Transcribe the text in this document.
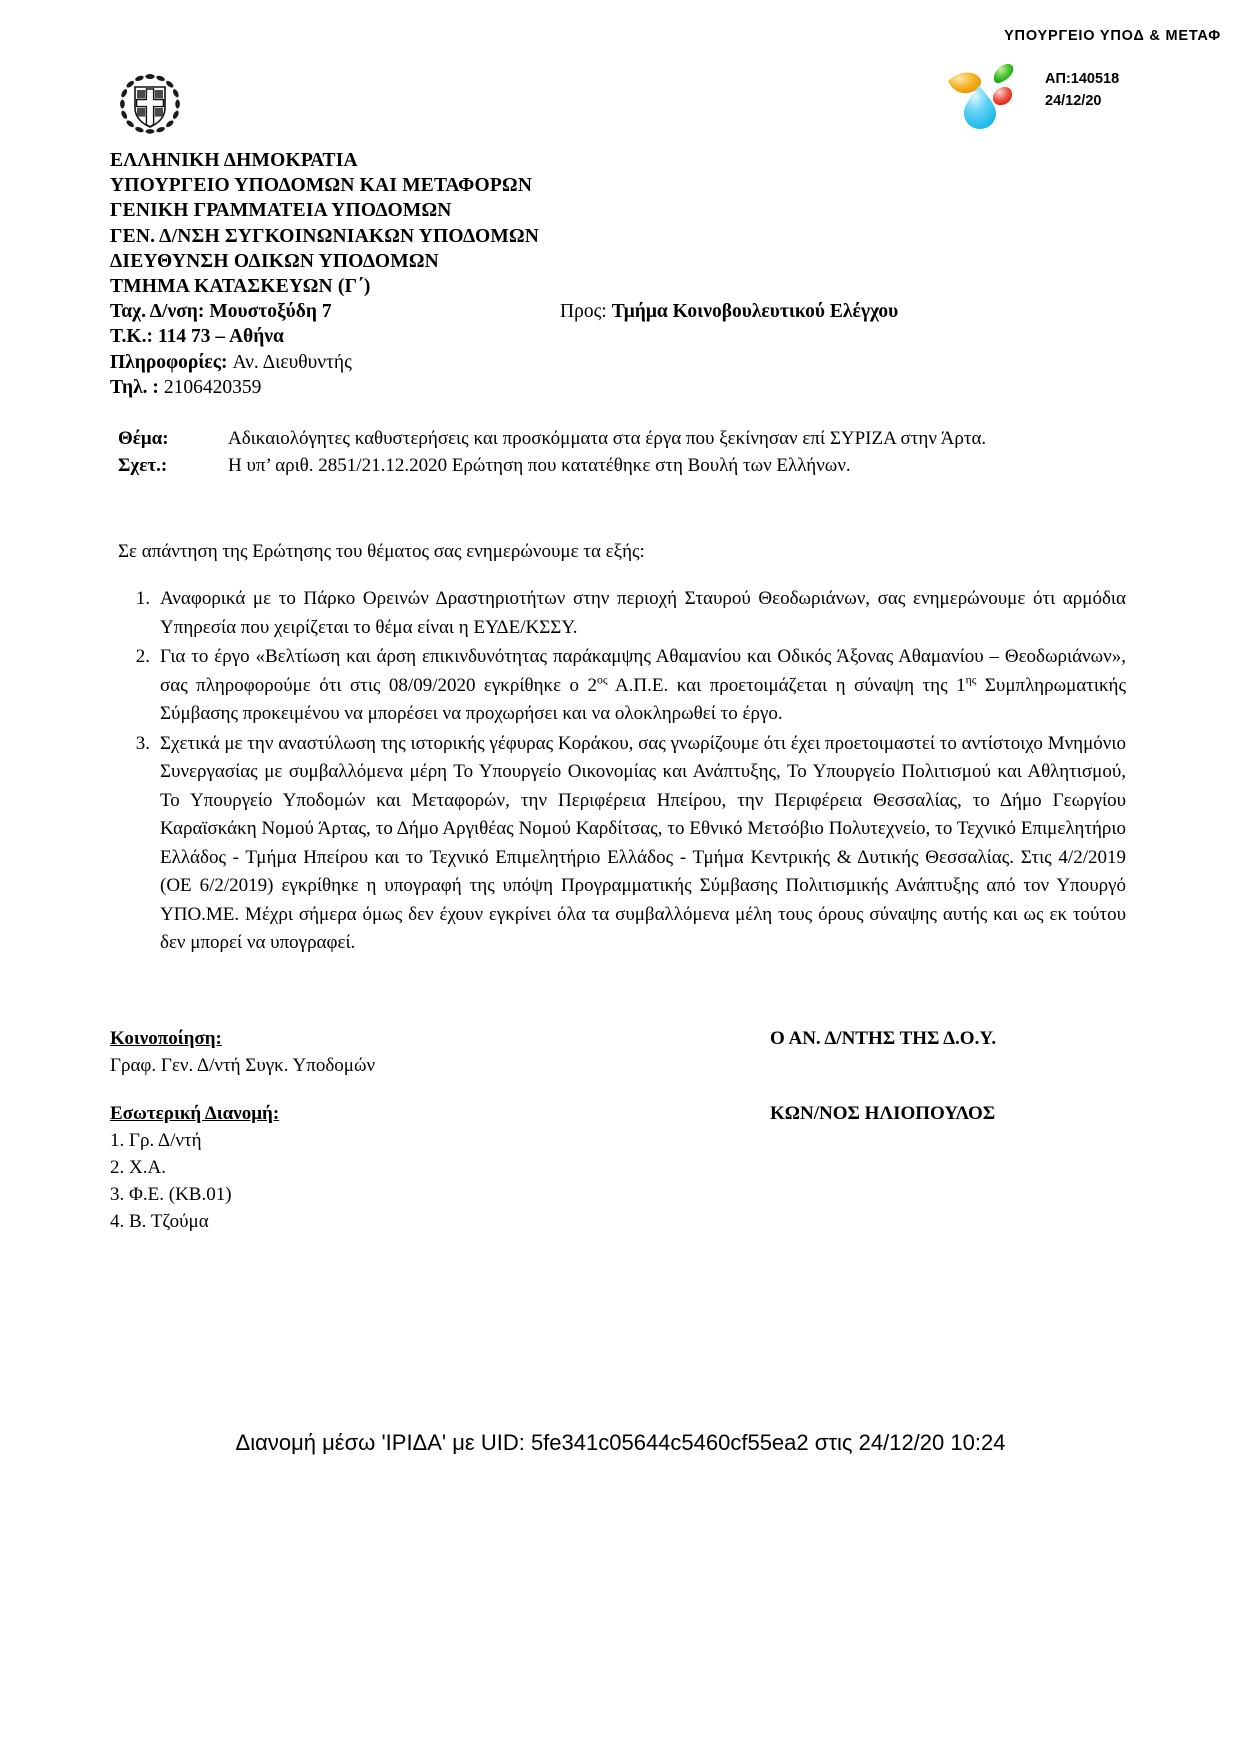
ΥΠΟΥΡΓΕΙΟ ΥΠΟΔ & ΜΕΤΑΦ
ΑΠ:140518
24/12/20
ΕΛΛΗΝΙΚΗ ΔΗΜΟΚΡΑΤΙΑ
ΥΠΟΥΡΓΕΙΟ ΥΠΟΔΟΜΩΝ ΚΑΙ ΜΕΤΑΦΟΡΩΝ
ΓΕΝΙΚΗ ΓΡΑΜΜΑΤΕΙΑ ΥΠΟΔΟΜΩΝ
ΓΕΝ. Δ/ΝΣΗ ΣΥΓΚΟΙΝΩΝΙΑΚΩΝ ΥΠΟΔΟΜΩΝ
ΔΙΕΥΘΥΝΣΗ ΟΔΙΚΩΝ ΥΠΟΔΟΜΩΝ
ΤΜΗΜΑ ΚΑΤΑΣΚΕΥΩΝ (Γ΄)
Ταχ. Δ/νση: Μουστοξύδη 7	Προς: Τμήμα Κοινοβουλευτικού Ελέγχου
Τ.Κ.: 114 73 – Αθήνα
Πληροφορίες: Αν. Διευθυντής
Τηλ. : 2106420359
Θέμα:	Αδικαιολόγητες καθυστερήσεις και προσκόμματα στα έργα που ξεκίνησαν επί ΣΥΡΙΖΑ στην Άρτα.
Σχετ.:	Η υπ’ αριθ. 2851/21.12.2020 Ερώτηση που κατατέθηκε στη Βουλή των Ελλήνων.
Σε απάντηση της Ερώτησης του θέματος σας ενημερώνουμε τα εξής:
1. Αναφορικά με το Πάρκο Ορεινών Δραστηριοτήτων στην περιοχή Σταυρού Θεοδωριάνων, σας ενημερώνουμε ότι αρμόδια Υπηρεσία που χειρίζεται το θέμα είναι η ΕΥΔΕ/ΚΣΣΥ.
2. Για το έργο «Βελτίωση και άρση επικινδυνότητας παράκαμψης Αθαμανίου και Οδικός Άξονας Αθαμανίου – Θεοδωριάνων», σας πληροφορούμε ότι στις 08/09/2020 εγκρίθηκε ο $2^{o\varsigma}$ Α.Π.Ε. και προετοιμάζεται η σύναψη της $1^{\eta\varsigma}$ Συμπληρωματικής Σύμβασης προκειμένου να μπορέσει να προχωρήσει και να ολοκληρωθεί το έργο.
3. Σχετικά με την αναστύλωση της ιστορικής γέφυρας Κοράκου, σας γνωρίζουμε ότι έχει προετοιμαστεί το αντίστοιχο Μνημόνιο Συνεργασίας με συμβαλλόμενα μέρη Το Υπουργείο Οικονομίας και Ανάπτυξης, Το Υπουργείο Πολιτισμού και Αθλητισμού, Το Υπουργείο Υποδομών και Μεταφορών, την Περιφέρεια Ηπείρου, την Περιφέρεια Θεσσαλίας, το Δήμο Γεωργίου Καραϊσκάκη Νομού Άρτας, το Δήμο Αργιθέας Νομού Καρδίτσας, το Εθνικό Μετσόβιο Πολυτεχνείο, το Τεχνικό Επιμελητήριο Ελλάδος - Τμήμα Ηπείρου και το Τεχνικό Επιμελητήριο Ελλάδος - Τμήμα Κεντρικής & Δυτικής Θεσσαλίας. Στις 4/2/2019 (ΟΕ 6/2/2019) εγκρίθηκε η υπογραφή της υπόψη Προγραμματικής Σύμβασης Πολιτισμικής Ανάπτυξης από τον Υπουργό ΥΠΟ.ΜΕ. Μέχρι σήμερα όμως δεν έχουν εγκρίνει όλα τα συμβαλλόμενα μέλη τους όρους σύναψης αυτής και ως εκ τούτου δεν μπορεί να υπογραφεί.
Κοινοποίηση:
Γραφ. Γεν. Δ/ντή Συγκ. Υποδομών
Ο ΑΝ. Δ/ΝΤΗΣ ΤΗΣ Δ.Ο.Υ.
Εσωτερική Διανομή:
1. Γρ. Δ/ντή
2. Χ.Α.
3. Φ.Ε. (ΚΒ.01)
4. Β. Τζούμα
ΚΩΝ/ΝΟΣ ΗΛΙΟΠΟΥΛΟΣ
Διανομή μέσω 'ΙΡΙΔΑ' με UID: 5fe341c05644c5460cf55ea2 στις 24/12/20 10:24
